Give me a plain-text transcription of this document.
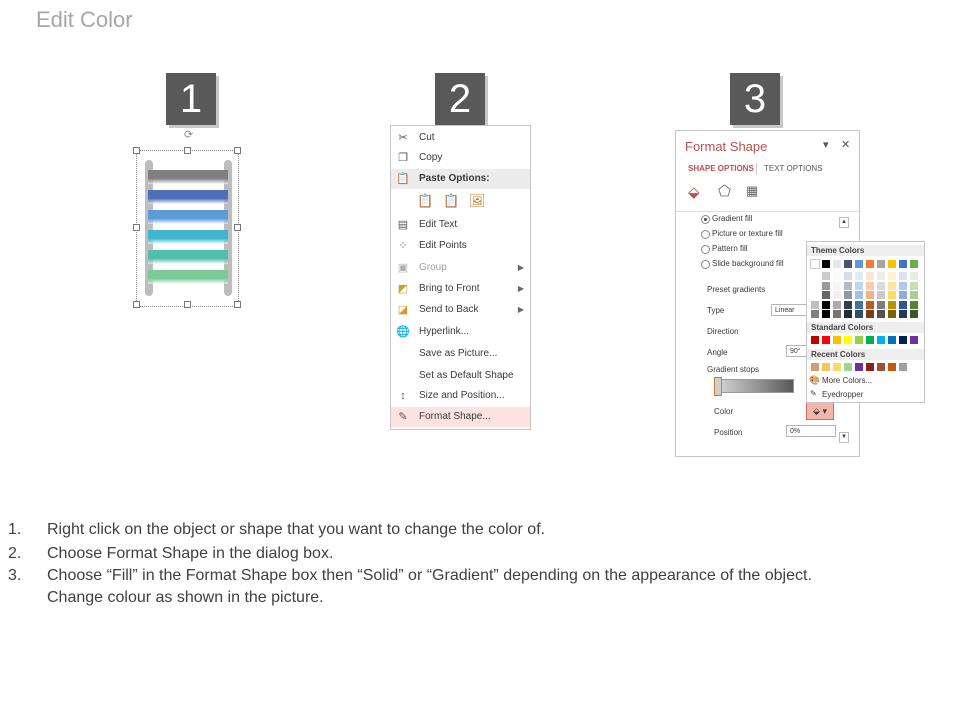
Edit Color
1	2	3
⟳	✂ Cut
❐ Copy
📋 Paste Options:
📋 📋 🖼
▤ Edit Text
⁘ Edit Points
▣ Group	▶
◩ Bring to Front	▶
◪ Send to Back	▶
🌐 Hyperlink...
Save as Picture...
Set as Default Shape
↕	Size and Position...
✎ Format Shape...
Format Shape	▾ ✕
SHAPE OPTIONS TEXT OPTIONS
⬙ ⬠ ▦
Gradient fill
Picture or texture fill
Pattern fill
Slide background fill
Preset gradients
Type	Linear
Direction
Angle	90°
Gradient stops
Color	⬙ ▾
Position	0%
▲
▼
Theme Colors
Standard Colors
Recent Colors
🎨 More Colors...
✎ Eyedropper
1. Right click on the object or shape that you want to change the color of.
2. Choose Format Shape in the dialog box.
3. Choose “Fill” in the Format Shape box then “Solid” or “Gradient” depending on the appearance of the object.
Change colour as shown in the picture.
